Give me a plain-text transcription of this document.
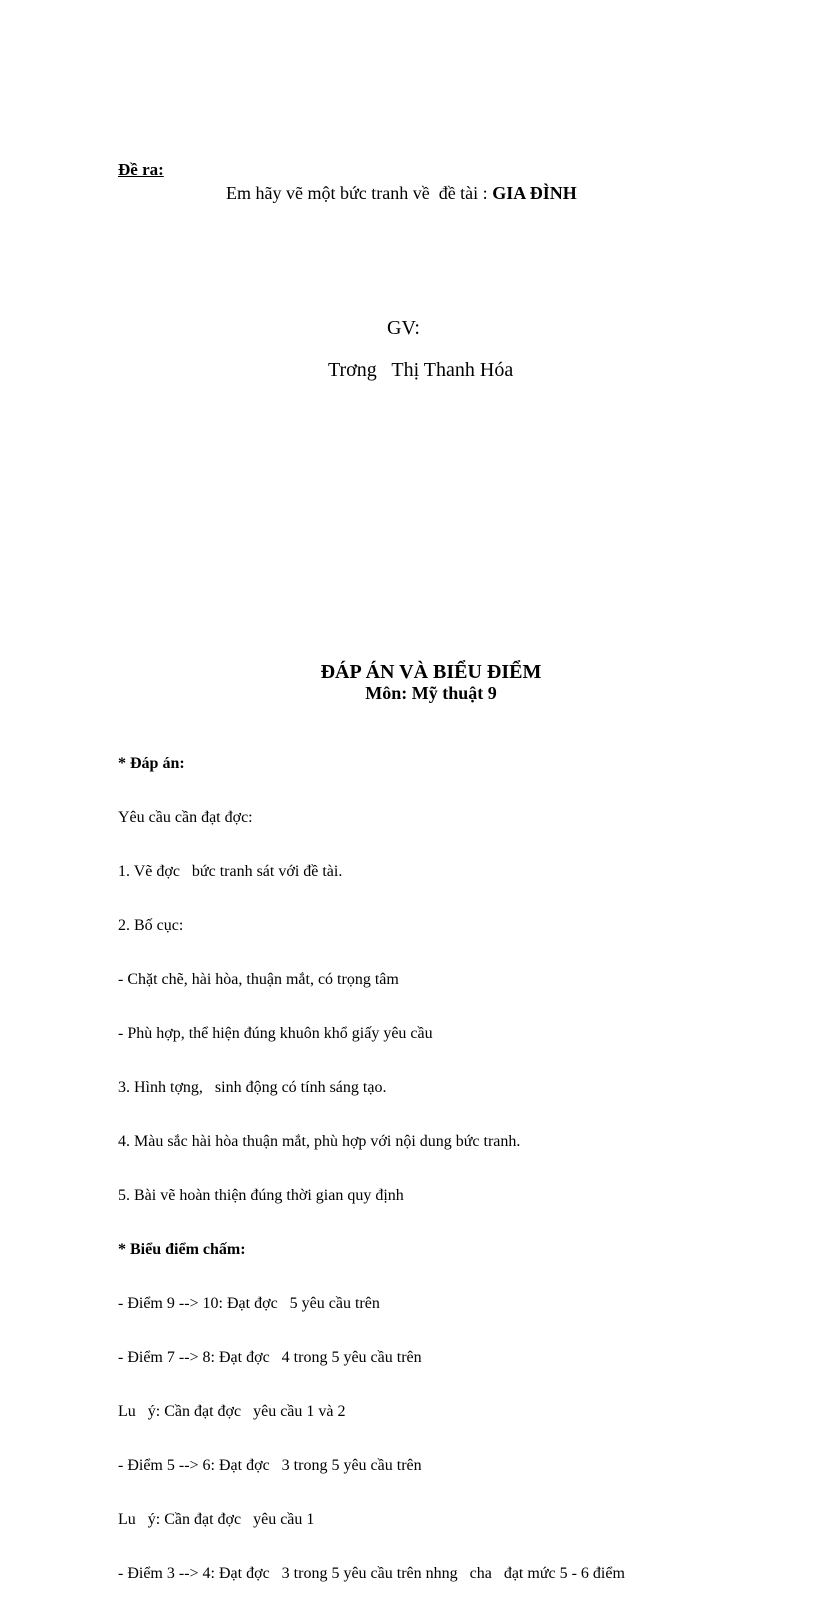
Đề ra:
Em hãy vẽ một bức tranh về  đề tài : GIA ĐÌNH
GV:
Trơng   Thị Thanh Hóa
ĐÁP ÁN VÀ BIỂU ĐIỂM
Môn: Mỹ thuật 9

* Đáp án:

Yêu cầu cần đạt đợc:

1. Vẽ đợc   bức tranh sát với đề tài.

2. Bố cục:

- Chặt chẽ, hài hòa, thuận mắt, có trọng tâm

- Phù hợp, thể hiện đúng khuôn khổ giấy yêu cầu

3. Hình tợng,   sinh động có tính sáng tạo.

4. Màu sắc hài hòa thuận mắt, phù hợp với nội dung bức tranh.

5. Bài vẽ hoàn thiện đúng thời gian quy định

* Biểu điểm chấm:

- Điểm 9 --> 10: Đạt đợc   5 yêu cầu trên

- Điểm 7 --> 8: Đạt đợc   4 trong 5 yêu cầu trên

Lu   ý: Cần đạt đợc   yêu cầu 1 và 2

- Điểm 5 --> 6: Đạt đợc   3 trong 5 yêu cầu trên

Lu   ý: Cần đạt đợc   yêu cầu 1

- Điểm 3 --> 4: Đạt đợc   3 trong 5 yêu cầu trên nhng   cha   đạt mức 5 - 6 điểm
